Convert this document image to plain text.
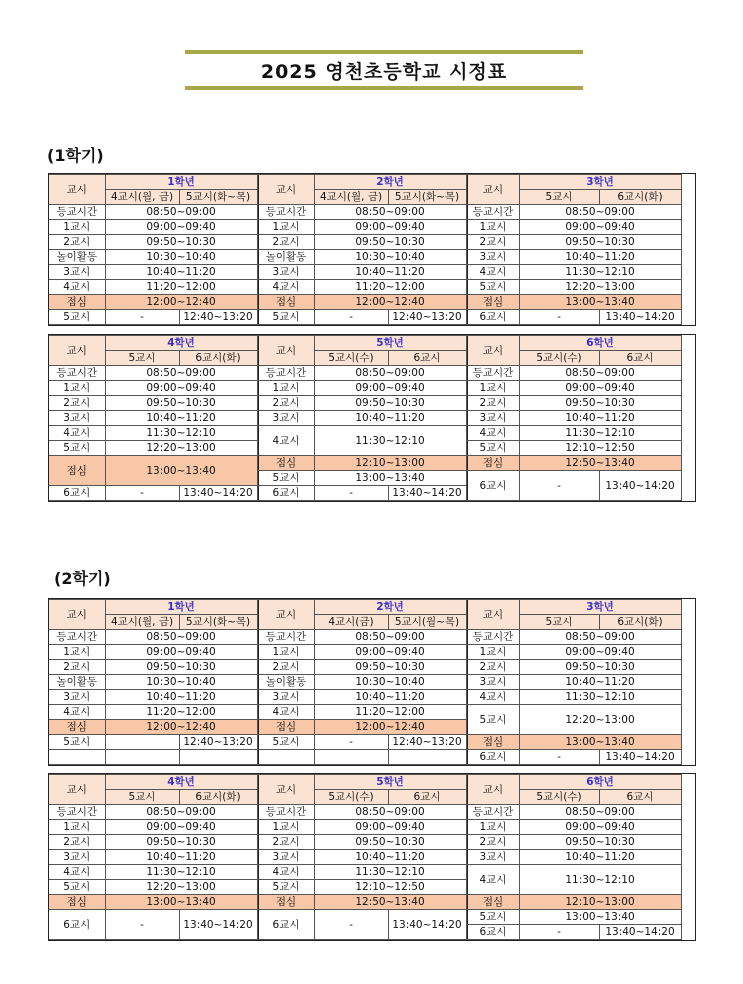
2025 영천초등학교 시정표
(1학기)
교시	1학년	
	4교시(월, 금)	5교시(화~목)
등교시간	08:50~09:00	
1교시	09:00~09:40	
2교시	09:50~10:30	
놀이활동	10:30~10:40	
3교시	10:40~11:20	
4교시	11:20~12:00	
점심	12:00~12:40	
5교시	-	12:40~13:20
교시	2학년	
	4교시(월, 금)	5교시(화~목)
등교시간	08:50~09:00	
1교시	09:00~09:40	
2교시	09:50~10:30	
놀이활동	10:30~10:40	
3교시	10:40~11:20	
4교시	11:20~12:00	
점심	12:00~12:40	
5교시	-	12:40~13:20
교시	3학년	
	5교시	6교시(화)
등교시간	08:50~09:00	
1교시	09:00~09:40	
2교시	09:50~10:30	
3교시	10:40~11:20	
4교시	11:30~12:10	
5교시	12:20~13:00	
점심	13:00~13:40	
6교시	-	13:40~14:20
교시	4학년	
	5교시	6교시(화)
등교시간	08:50~09:00	
1교시	09:00~09:40	
2교시	09:50~10:30	
3교시	10:40~11:20	
4교시	11:30~12:10	
5교시	12:20~13:00	
점심	13:00~13:40	
6교시	-	13:40~14:20
교시	5학년	
	5교시(수)	6교시
등교시간	08:50~09:00	
1교시	09:00~09:40	
2교시	09:50~10:30	
3교시	10:40~11:20	
4교시	11:30~12:10	
점심	12:10~13:00	
5교시	13:00~13:40	
6교시	-	13:40~14:20
교시	6학년	
	5교시(수)	6교시
등교시간	08:50~09:00	
1교시	09:00~09:40	
2교시	09:50~10:30	
3교시	10:40~11:20	
4교시	11:30~12:10	
5교시	12:10~12:50	
점심	12:50~13:40	
6교시	-	13:40~14:20
(2학기)
교시	1학년	
	4교시(월, 금)	5교시(화~목)
등교시간	08:50~09:00	
1교시	09:00~09:40	
2교시	09:50~10:30	
놀이활동	10:30~10:40	
3교시	10:40~11:20	
4교시	11:20~12:00	
점심	12:00~12:40	
5교시		12:40~13:20

교시	2학년	
	4교시(금)	5교시(월~목)
등교시간	08:50~09:00	
1교시	09:00~09:40	
2교시	09:50~10:30	
놀이활동	10:30~10:40	
3교시	10:40~11:20	
4교시	11:20~12:00	
점심	12:00~12:40	
5교시	-	12:40~13:20

교시	3학년	
	5교시	6교시(화)
등교시간	08:50~09:00	
1교시	09:00~09:40	
2교시	09:50~10:30	
3교시	10:40~11:20	
4교시	11:30~12:10	
5교시	12:20~13:00	
점심	13:00~13:40	
6교시	-	13:40~14:20
교시	4학년	
	5교시	6교시(화)
등교시간	08:50~09:00	
1교시	09:00~09:40	
2교시	09:50~10:30	
3교시	10:40~11:20	
4교시	11:30~12:10	
5교시	12:20~13:00	
점심	13:00~13:40	
6교시	-	13:40~14:20
교시	5학년	
	5교시(수)	6교시
등교시간	08:50~09:00	
1교시	09:00~09:40	
2교시	09:50~10:30	
3교시	10:40~11:20	
4교시	11:30~12:10	
5교시	12:10~12:50	
점심	12:50~13:40	
6교시	-	13:40~14:20
교시	6학년	
	5교시(수)	6교시
등교시간	08:50~09:00	
1교시	09:00~09:40	
2교시	09:50~10:30	
3교시	10:40~11:20	
4교시	11:30~12:10	
점심	12:10~13:00	
5교시	13:00~13:40	
6교시	-	13:40~14:20
